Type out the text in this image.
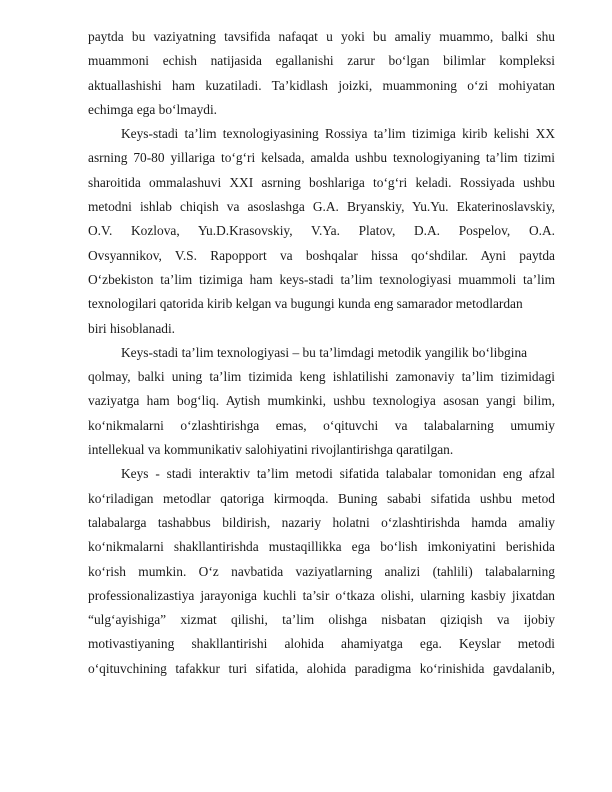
paytda bu vaziyatning tavsifida nafaqat u yoki bu amaliy muammo, balki shu
muammoni echish natijasida egallanishi zarur bo‘lgan bilimlar kompleksi
aktuallashishi ham kuzatiladi. Ta’kidlash joizki, muammoning o‘zi mohiyatan
echimga ega bo‘lmaydi.
Keys-stadi ta’lim texnologiyasining Rossiya ta’lim tizimiga kirib kelishi XX
asrning 70-80 yillariga to‘g‘ri kelsada, amalda ushbu texnologiyaning ta’lim tizimi
sharoitida ommalashuvi XXI asrning boshlariga to‘g‘ri keladi. Rossiyada ushbu
metodni ishlab chiqish va asoslashga G.A. Bryanskiy, Yu.Yu. Ekaterinoslavskiy,
O.V. Kozlova, Yu.D.Krasovskiy, V.Ya. Platov, D.A. Pospelov, O.A.
Ovsyannikov, V.S. Rapopport va boshqalar hissa qo‘shdilar. Ayni paytda
O‘zbekiston ta’lim tizimiga ham keys-stadi ta’lim texnologiyasi muammoli ta’lim
texnologilari qatorida kirib kelgan va bugungi kunda eng samarador metodlardan
biri hisoblanadi.
Keys-stadi ta’lim texnologiyasi – bu ta’limdagi metodik yangilik bo‘libgina
qolmay, balki uning ta’lim tizimida keng ishlatilishi zamonaviy ta’lim tizimidagi
vaziyatga ham bog‘liq. Aytish mumkinki, ushbu texnologiya asosan yangi bilim,
ko‘nikmalarni o‘zlashtirishga emas, o‘qituvchi va talabalarning umumiy
intellekual va kommunikativ salohiyatini rivojlantirishga qaratilgan.
Keys - stadi interaktiv ta’lim metodi sifatida talabalar tomonidan eng afzal
ko‘riladigan metodlar qatoriga kirmoqda. Buning sababi sifatida ushbu metod
talabalarga tashabbus bildirish, nazariy holatni o‘zlashtirishda hamda amaliy
ko‘nikmalarni shakllantirishda mustaqillikka ega bo‘lish imkoniyatini berishida
ko‘rish mumkin. O‘z navbatida vaziyatlarning analizi (tahlili) talabalarning
professionalizastiya jarayoniga kuchli ta’sir o‘tkaza olishi, ularning kasbiy jixatdan
“ulg‘ayishiga” xizmat qilishi, ta’lim olishga nisbatan qiziqish va ijobiy
motivastiyaning shakllantirishi alohida ahamiyatga ega. Keyslar metodi
o‘qituvchining tafakkur turi sifatida, alohida paradigma ko‘rinishida gavdalanib,
